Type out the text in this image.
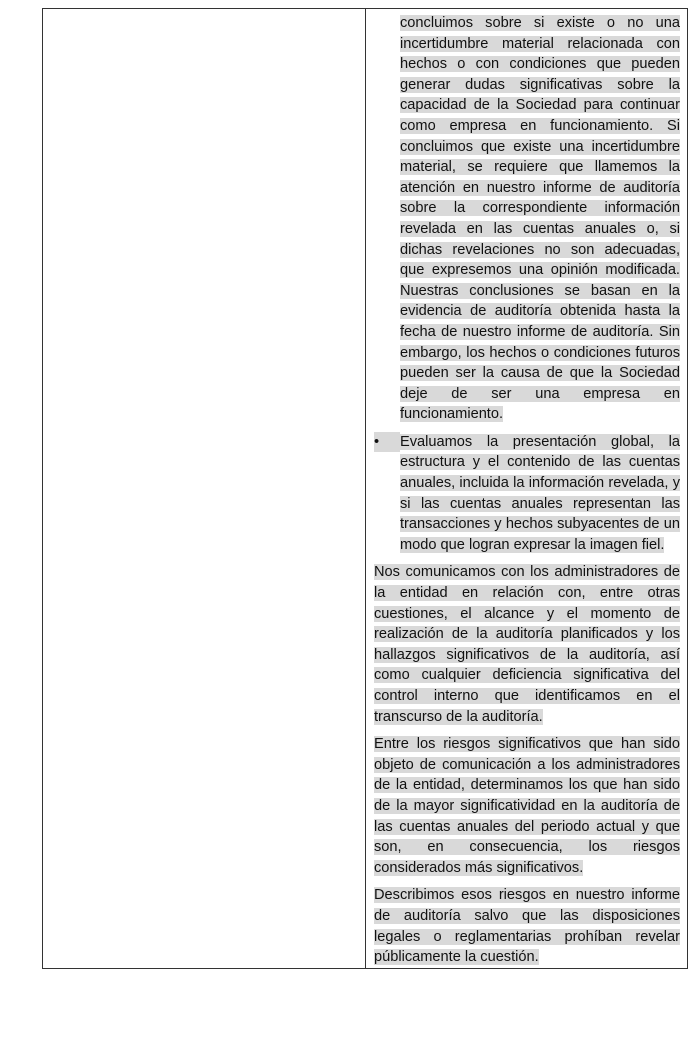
concluimos sobre si existe o no una incertidumbre material relacionada con hechos o con condiciones que pueden generar dudas significativas sobre la capacidad de la Sociedad para continuar como empresa en funcionamiento. Si concluimos que existe una incertidumbre material, se requiere que llamemos la atención en nuestro informe de auditoría sobre la correspondiente información revelada en las cuentas anuales o, si dichas revelaciones no son adecuadas, que expresemos una opinión modificada. Nuestras conclusiones se basan en la evidencia de auditoría obtenida hasta la fecha de nuestro informe de auditoría. Sin embargo, los hechos o condiciones futuros pueden ser la causa de que la Sociedad deje de ser una empresa en funcionamiento.
•	Evaluamos la presentación global, la estructura y el contenido de las cuentas anuales, incluida la información revelada, y si las cuentas anuales representan las transacciones y hechos subyacentes de un modo que logran expresar la imagen fiel.
Nos comunicamos con los administradores de la entidad en relación con, entre otras cuestiones, el alcance y el momento de realización de la auditoría planificados y los hallazgos significativos de la auditoría, así como cualquier deficiencia significativa del control interno que identificamos en el transcurso de la auditoría.
Entre los riesgos significativos que han sido objeto de comunicación a los administradores de la entidad, determinamos los que han sido de la mayor significatividad en la auditoría de las cuentas anuales del periodo actual y que son, en consecuencia, los riesgos considerados más significativos.
Describimos esos riesgos en nuestro informe de auditoría salvo que las disposiciones legales o reglamentarias prohíban revelar públicamente la cuestión.
